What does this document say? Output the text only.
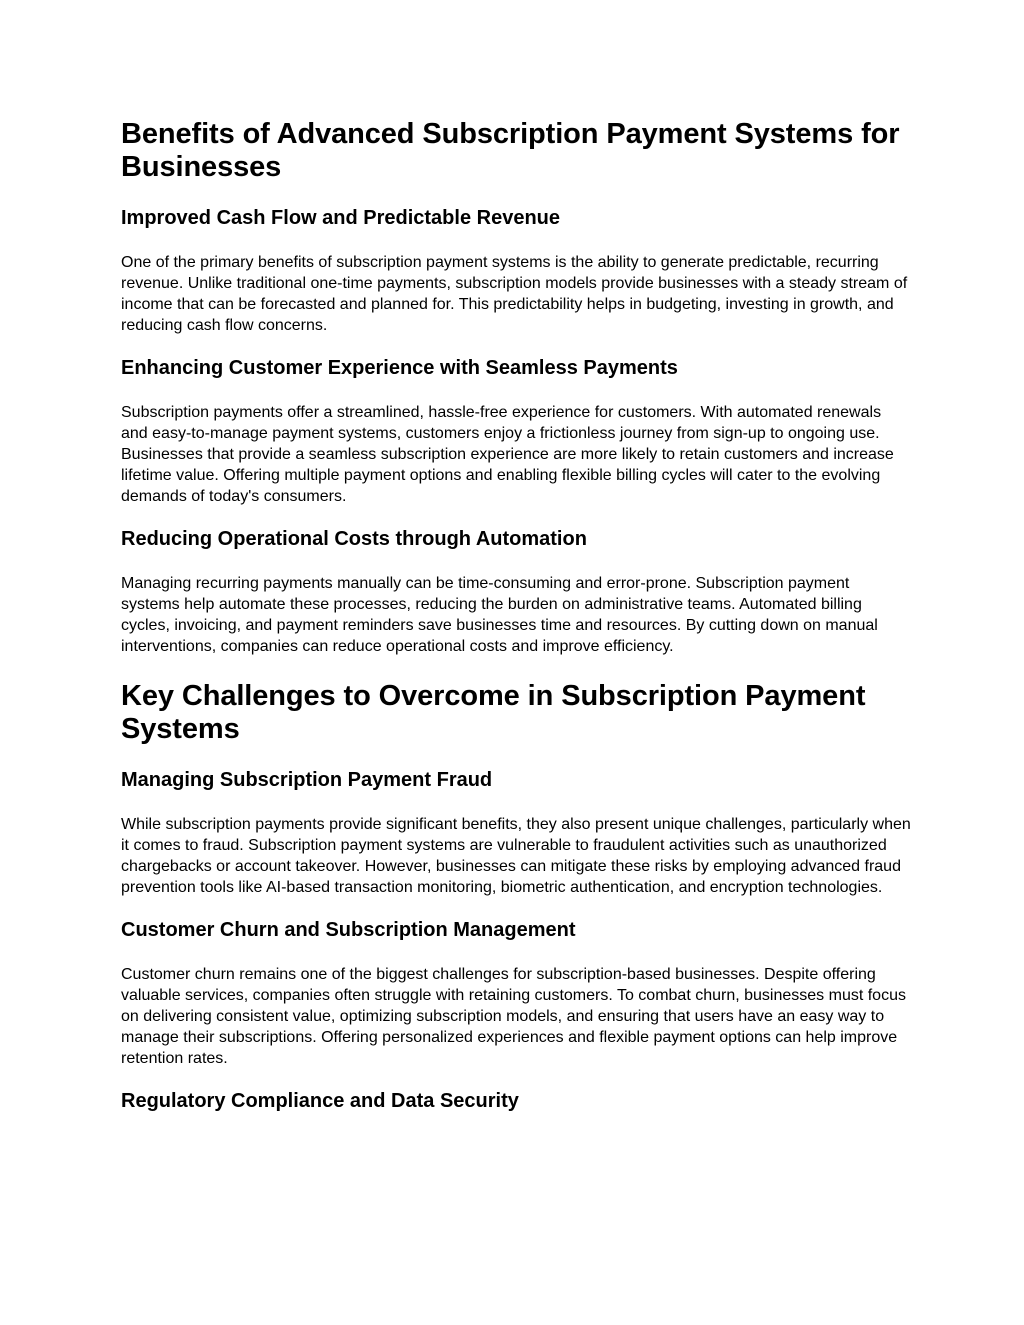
Benefits of Advanced Subscription Payment Systems for Businesses
Improved Cash Flow and Predictable Revenue

One of the primary benefits of subscription payment systems is the ability to generate predictable, recurring revenue. Unlike traditional one-time payments, subscription models provide businesses with a steady stream of income that can be forecasted and planned for. This predictability helps in budgeting, investing in growth, and reducing cash flow concerns.

Enhancing Customer Experience with Seamless Payments

Subscription payments offer a streamlined, hassle-free experience for customers. With automated renewals and easy-to-manage payment systems, customers enjoy a frictionless journey from sign-up to ongoing use. Businesses that provide a seamless subscription experience are more likely to retain customers and increase lifetime value. Offering multiple payment options and enabling flexible billing cycles will cater to the evolving demands of today's consumers.

Reducing Operational Costs through Automation

Managing recurring payments manually can be time-consuming and error-prone. Subscription payment systems help automate these processes, reducing the burden on administrative teams. Automated billing cycles, invoicing, and payment reminders save businesses time and resources. By cutting down on manual interventions, companies can reduce operational costs and improve efficiency.

Key Challenges to Overcome in Subscription Payment Systems
Managing Subscription Payment Fraud

While subscription payments provide significant benefits, they also present unique challenges, particularly when it comes to fraud. Subscription payment systems are vulnerable to fraudulent activities such as unauthorized chargebacks or account takeover. However, businesses can mitigate these risks by employing advanced fraud prevention tools like AI-based transaction monitoring, biometric authentication, and encryption technologies.

Customer Churn and Subscription Management

Customer churn remains one of the biggest challenges for subscription-based businesses. Despite offering valuable services, companies often struggle with retaining customers. To combat churn, businesses must focus on delivering consistent value, optimizing subscription models, and ensuring that users have an easy way to manage their subscriptions. Offering personalized experiences and flexible payment options can help improve retention rates.

Regulatory Compliance and Data Security
